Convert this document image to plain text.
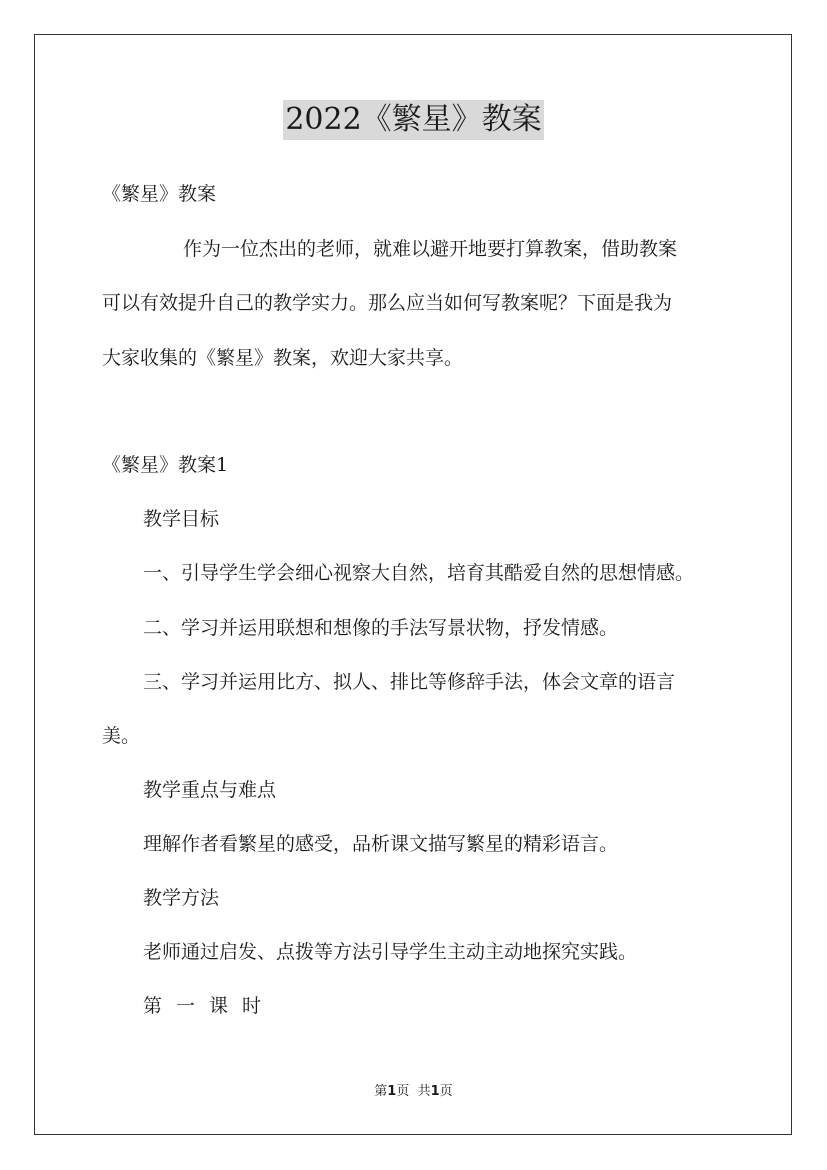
2022《繁星》教案
《繁星》教案
作为一位杰出的老师，就难以避开地要打算教案，借助教案
可以有效提升自己的教学实力。那么应当如何写教案呢？下面是我为
大家收集的《繁星》教案，欢迎大家共享。
《繁星》教案1
教学目标
一、引导学生学会细心视察大自然，培育其酷爱自然的思想情感。
二、学习并运用联想和想像的手法写景状物，抒发情感。
三、学习并运用比方、拟人、排比等修辞手法，体会文章的语言
美。
教学重点与难点
理解作者看繁星的感受，品析课文描写繁星的精彩语言。
教学方法
老师通过启发、点拨等方法引导学生主动主动地探究实践。
第一课时
第1页 共1页
